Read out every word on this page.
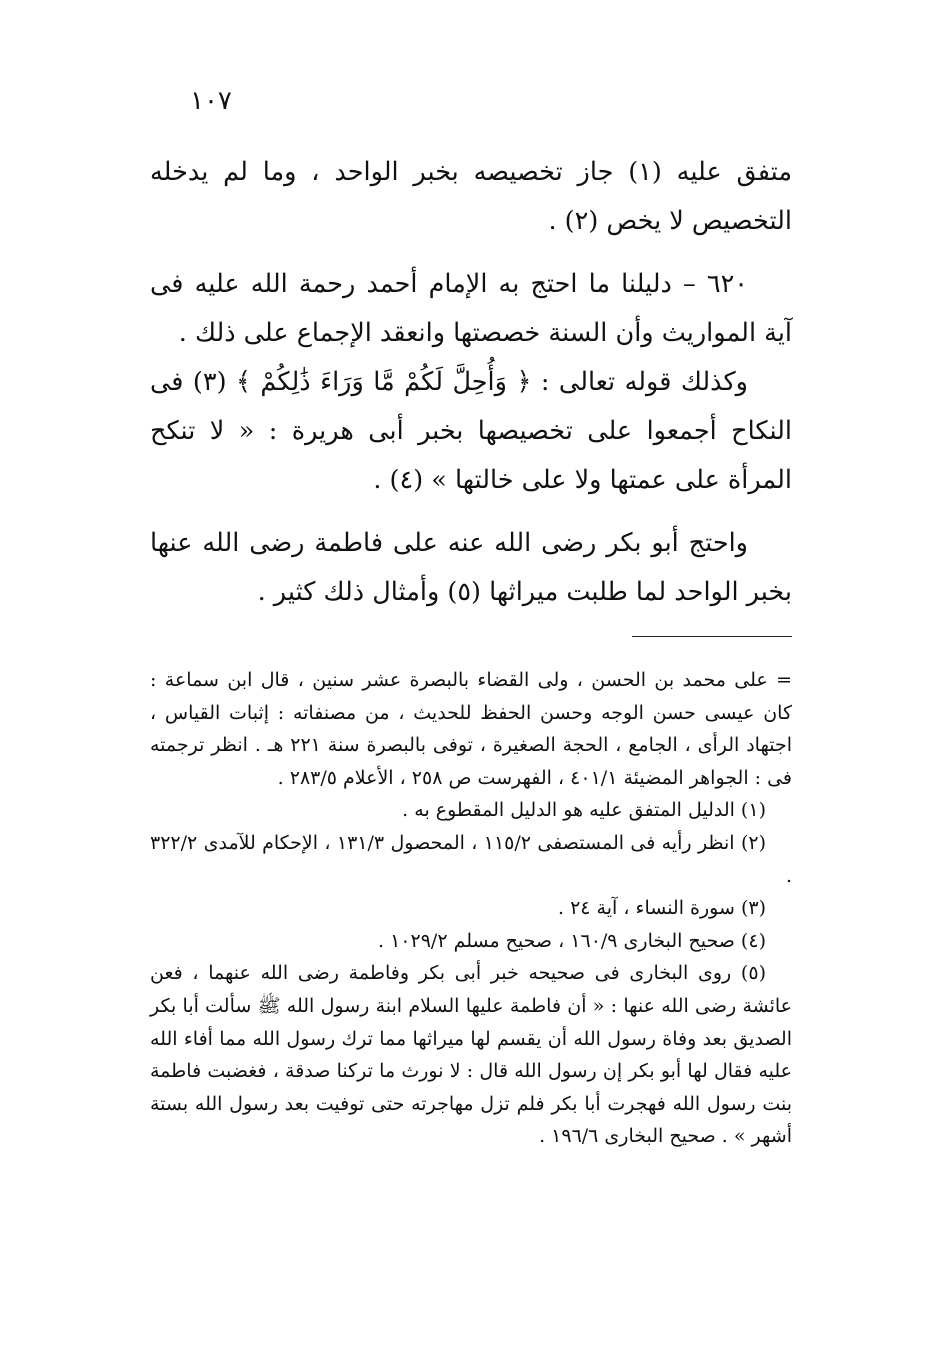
١٠٧

متفق عليه (١) جاز تخصيصه بخبر الواحد ، وما لم يدخله التخصيص لا يخص (٢) .

٦٢٠ – دليلنا ما احتج به الإمام أحمد رحمة الله عليه فى آية المواريث وأن السنة خصصتها وانعقد الإجماع على ذلك .

وكذلك قوله تعالى : ﴿ وَأُحِلَّ لَكُمْ مَّا وَرَاءَ ذَٰلِكُمْ ﴾ (٣) فى النكاح أجمعوا على تخصيصها بخبر أبى هريرة : « لا تنكح المرأة على عمتها ولا على خالتها » (٤) .

واحتج أبو بكر رضى الله عنه على فاطمة رضى الله عنها بخبر الواحد لما طلبت ميراثها (٥) وأمثال ذلك كثير .

= على محمد بن الحسن ، ولى القضاء بالبصرة عشر سنين ، قال ابن سماعة : كان عيسى حسن الوجه وحسن الحفظ للحديث ، من مصنفاته : إثبات القياس ، اجتهاد الرأى ، الجامع ، الحجة الصغيرة ، توفى بالبصرة سنة ٢٢١ هـ . انظر ترجمته فى : الجواهر المضيئة ٤٠١/١ ، الفهرست ص ٢٥٨ ، الأعلام ٢٨٣/٥ .

(١) الدليل المتفق عليه هو الدليل المقطوع به .

(٢) انظر رأيه فى المستصفى ١١٥/٢ ، المحصول ١٣١/٣ ، الإحكام للآمدى ٣٢٢/٢ .

(٣) سورة النساء ، آية ٢٤ .

(٤) صحيح البخارى ١٦٠/٩ ، صحيح مسلم ١٠٢٩/٢ .

(٥) روى البخارى فى صحيحه خبر أبى بكر وفاطمة رضى الله عنهما ، فعن عائشة رضى الله عنها : « أن فاطمة عليها السلام ابنة رسول الله ﷺ سألت أبا بكر الصديق بعد وفاة رسول الله أن يقسم لها ميراثها مما ترك رسول الله مما أفاء الله عليه فقال لها أبو بكر إن رسول الله قال : لا نورث ما تركنا صدقة ، فغضبت فاطمة بنت رسول الله فهجرت أبا بكر فلم تزل مهاجرته حتى توفيت بعد رسول الله بستة أشهر » . صحيح البخارى ١٩٦/٦ .
